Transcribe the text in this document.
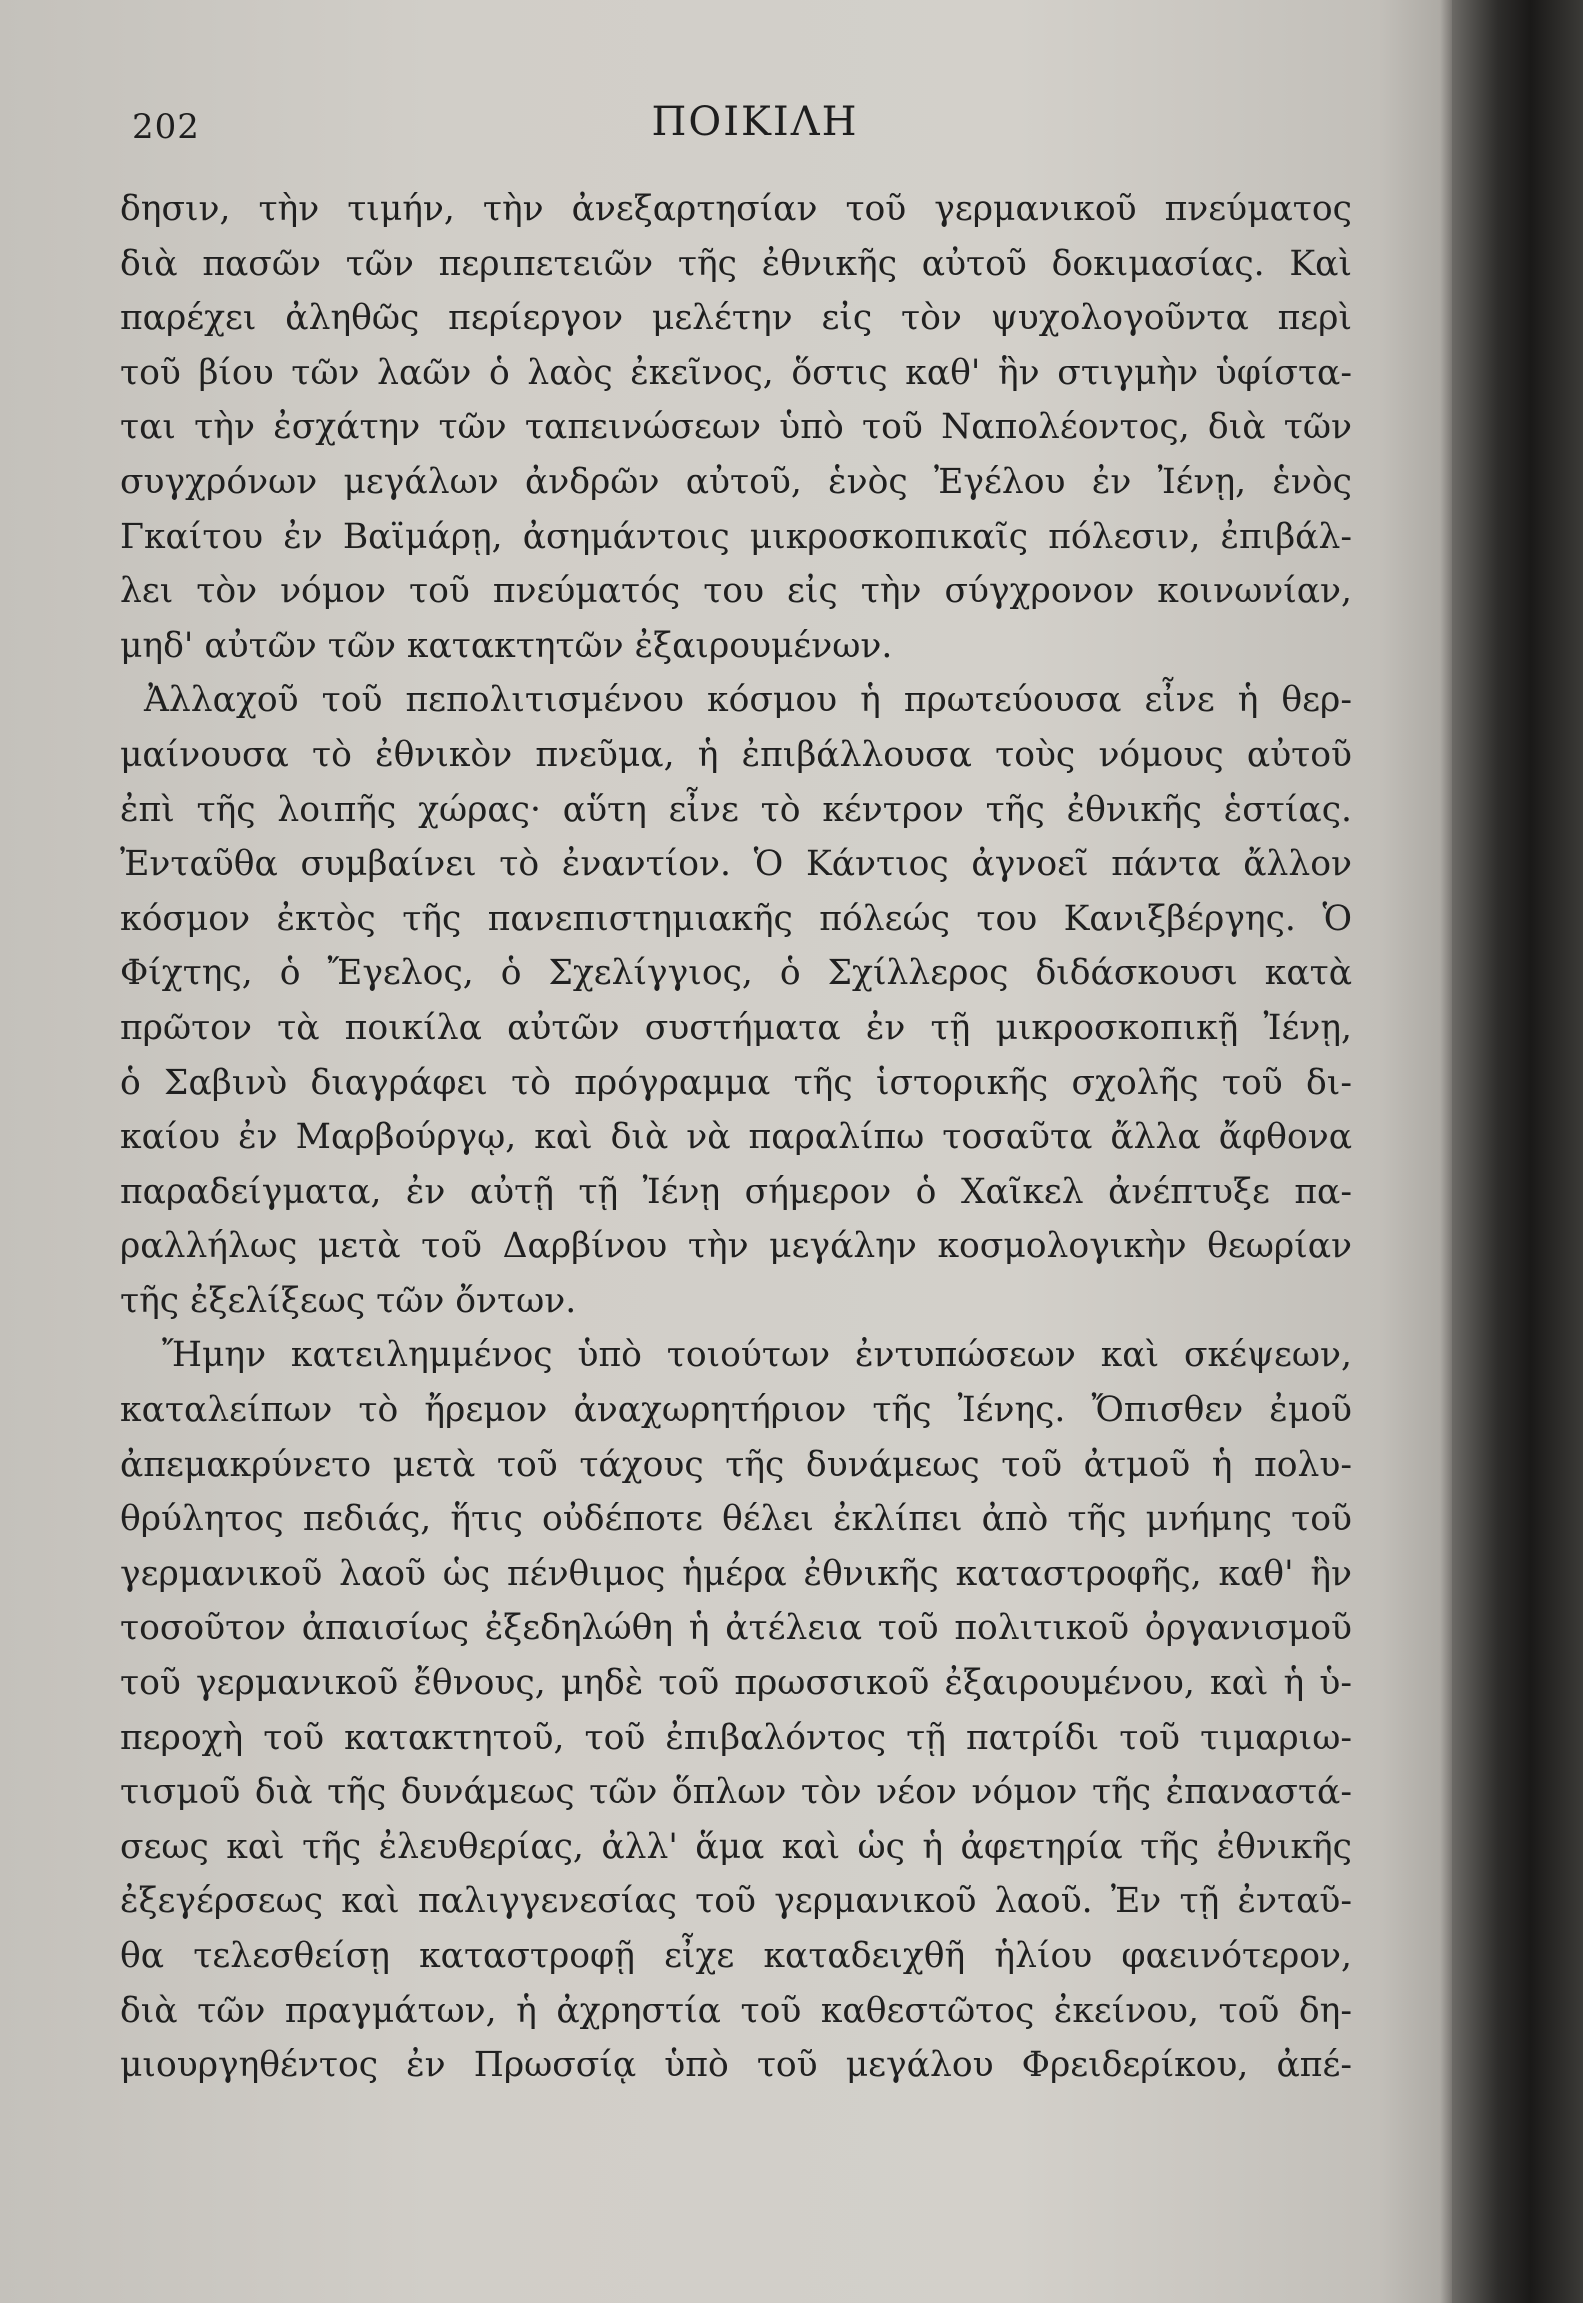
202	ΠΟΙΚΙΛΗ
δησιν, τὴν τιμήν, τὴν ἀνεξαρτησίαν τοῦ γερμανικοῦ πνεύματος
διὰ πασῶν τῶν περιπετειῶν τῆς ἐθνικῆς αὐτοῦ δοκιμασίας. Καὶ
παρέχει ἀληθῶς περίεργον μελέτην εἰς τὸν ψυχολογοῦντα περὶ
τοῦ βίου τῶν λαῶν ὁ λαὸς ἐκεῖνος, ὅστις καθ' ἣν στιγμὴν ὑφίστα-
ται τὴν ἐσχάτην τῶν ταπεινώσεων ὑπὸ τοῦ Ναπολέοντος, διὰ τῶν
συγχρόνων μεγάλων ἀνδρῶν αὐτοῦ, ἑνὸς Ἐγέλου ἐν Ἰένῃ, ἑνὸς
Γκαίτου ἐν Βαϊμάρῃ, ἀσημάντοις μικροσκοπικαῖς πόλεσιν, ἐπιβάλ-
λει τὸν νόμον τοῦ πνεύματός του εἰς τὴν σύγχρονον κοινωνίαν,
μηδ' αὐτῶν τῶν κατακτητῶν ἐξαιρουμένων.
Ἀλλαχοῦ τοῦ πεπολιτισμένου κόσμου ἡ πρωτεύουσα εἶνε ἡ θερ-
μαίνουσα τὸ ἐθνικὸν πνεῦμα, ἡ ἐπιβάλλουσα τοὺς νόμους αὐτοῦ
ἐπὶ τῆς λοιπῆς χώρας· αὕτη εἶνε τὸ κέντρον τῆς ἐθνικῆς ἑστίας.
Ἐνταῦθα συμβαίνει τὸ ἐναντίον. Ὁ Κάντιος ἀγνοεῖ πάντα ἄλλον
κόσμον ἐκτὸς τῆς πανεπιστημιακῆς πόλεώς του Κανιξβέργης. Ὁ
Φίχτης, ὁ Ἔγελος, ὁ Σχελίγγιος, ὁ Σχίλλερος διδάσκουσι κατὰ
πρῶτον τὰ ποικίλα αὐτῶν συστήματα ἐν τῇ μικροσκοπικῇ Ἰένῃ,
ὁ Σαβινὺ διαγράφει τὸ πρόγραμμα τῆς ἱστορικῆς σχολῆς τοῦ δι-
καίου ἐν Μαρβούργῳ, καὶ διὰ νὰ παραλίπω τοσαῦτα ἄλλα ἄφθονα
παραδείγματα, ἐν αὐτῇ τῇ Ἰένῃ σήμερον ὁ Χαῖκελ ἀνέπτυξε πα-
ραλλήλως μετὰ τοῦ Δαρβίνου τὴν μεγάλην κοσμολογικὴν θεωρίαν
τῆς ἐξελίξεως τῶν ὄντων.
Ἤμην κατειλημμένος ὑπὸ τοιούτων ἐντυπώσεων καὶ σκέψεων,
καταλείπων τὸ ἤρεμον ἀναχωρητήριον τῆς Ἰένης. Ὄπισθεν ἐμοῦ
ἀπεμακρύνετο μετὰ τοῦ τάχους τῆς δυνάμεως τοῦ ἀτμοῦ ἡ πολυ-
θρύλητος πεδιάς, ἥτις οὐδέποτε θέλει ἐκλίπει ἀπὸ τῆς μνήμης τοῦ
γερμανικοῦ λαοῦ ὡς πένθιμος ἡμέρα ἐθνικῆς καταστροφῆς, καθ' ἣν
τοσοῦτον ἀπαισίως ἐξεδηλώθη ἡ ἀτέλεια τοῦ πολιτικοῦ ὀργανισμοῦ
τοῦ γερμανικοῦ ἔθνους, μηδὲ τοῦ πρωσσικοῦ ἐξαιρουμένου, καὶ ἡ ὑ-
περοχὴ τοῦ κατακτητοῦ, τοῦ ἐπιβαλόντος τῇ πατρίδι τοῦ τιμαριω-
τισμοῦ διὰ τῆς δυνάμεως τῶν ὅπλων τὸν νέον νόμον τῆς ἐπαναστά-
σεως καὶ τῆς ἐλευθερίας, ἀλλ' ἅμα καὶ ὡς ἡ ἀφετηρία τῆς ἐθνικῆς
ἐξεγέρσεως καὶ παλιγγενεσίας τοῦ γερμανικοῦ λαοῦ. Ἐν τῇ ἐνταῦ-
θα τελεσθείσῃ καταστροφῇ εἶχε καταδειχθῆ ἡλίου φαεινότερον,
διὰ τῶν πραγμάτων, ἡ ἀχρηστία τοῦ καθεστῶτος ἐκείνου, τοῦ δη-
μιουργηθέντος ἐν Πρωσσίᾳ ὑπὸ τοῦ μεγάλου Φρειδερίκου, ἀπέ-
